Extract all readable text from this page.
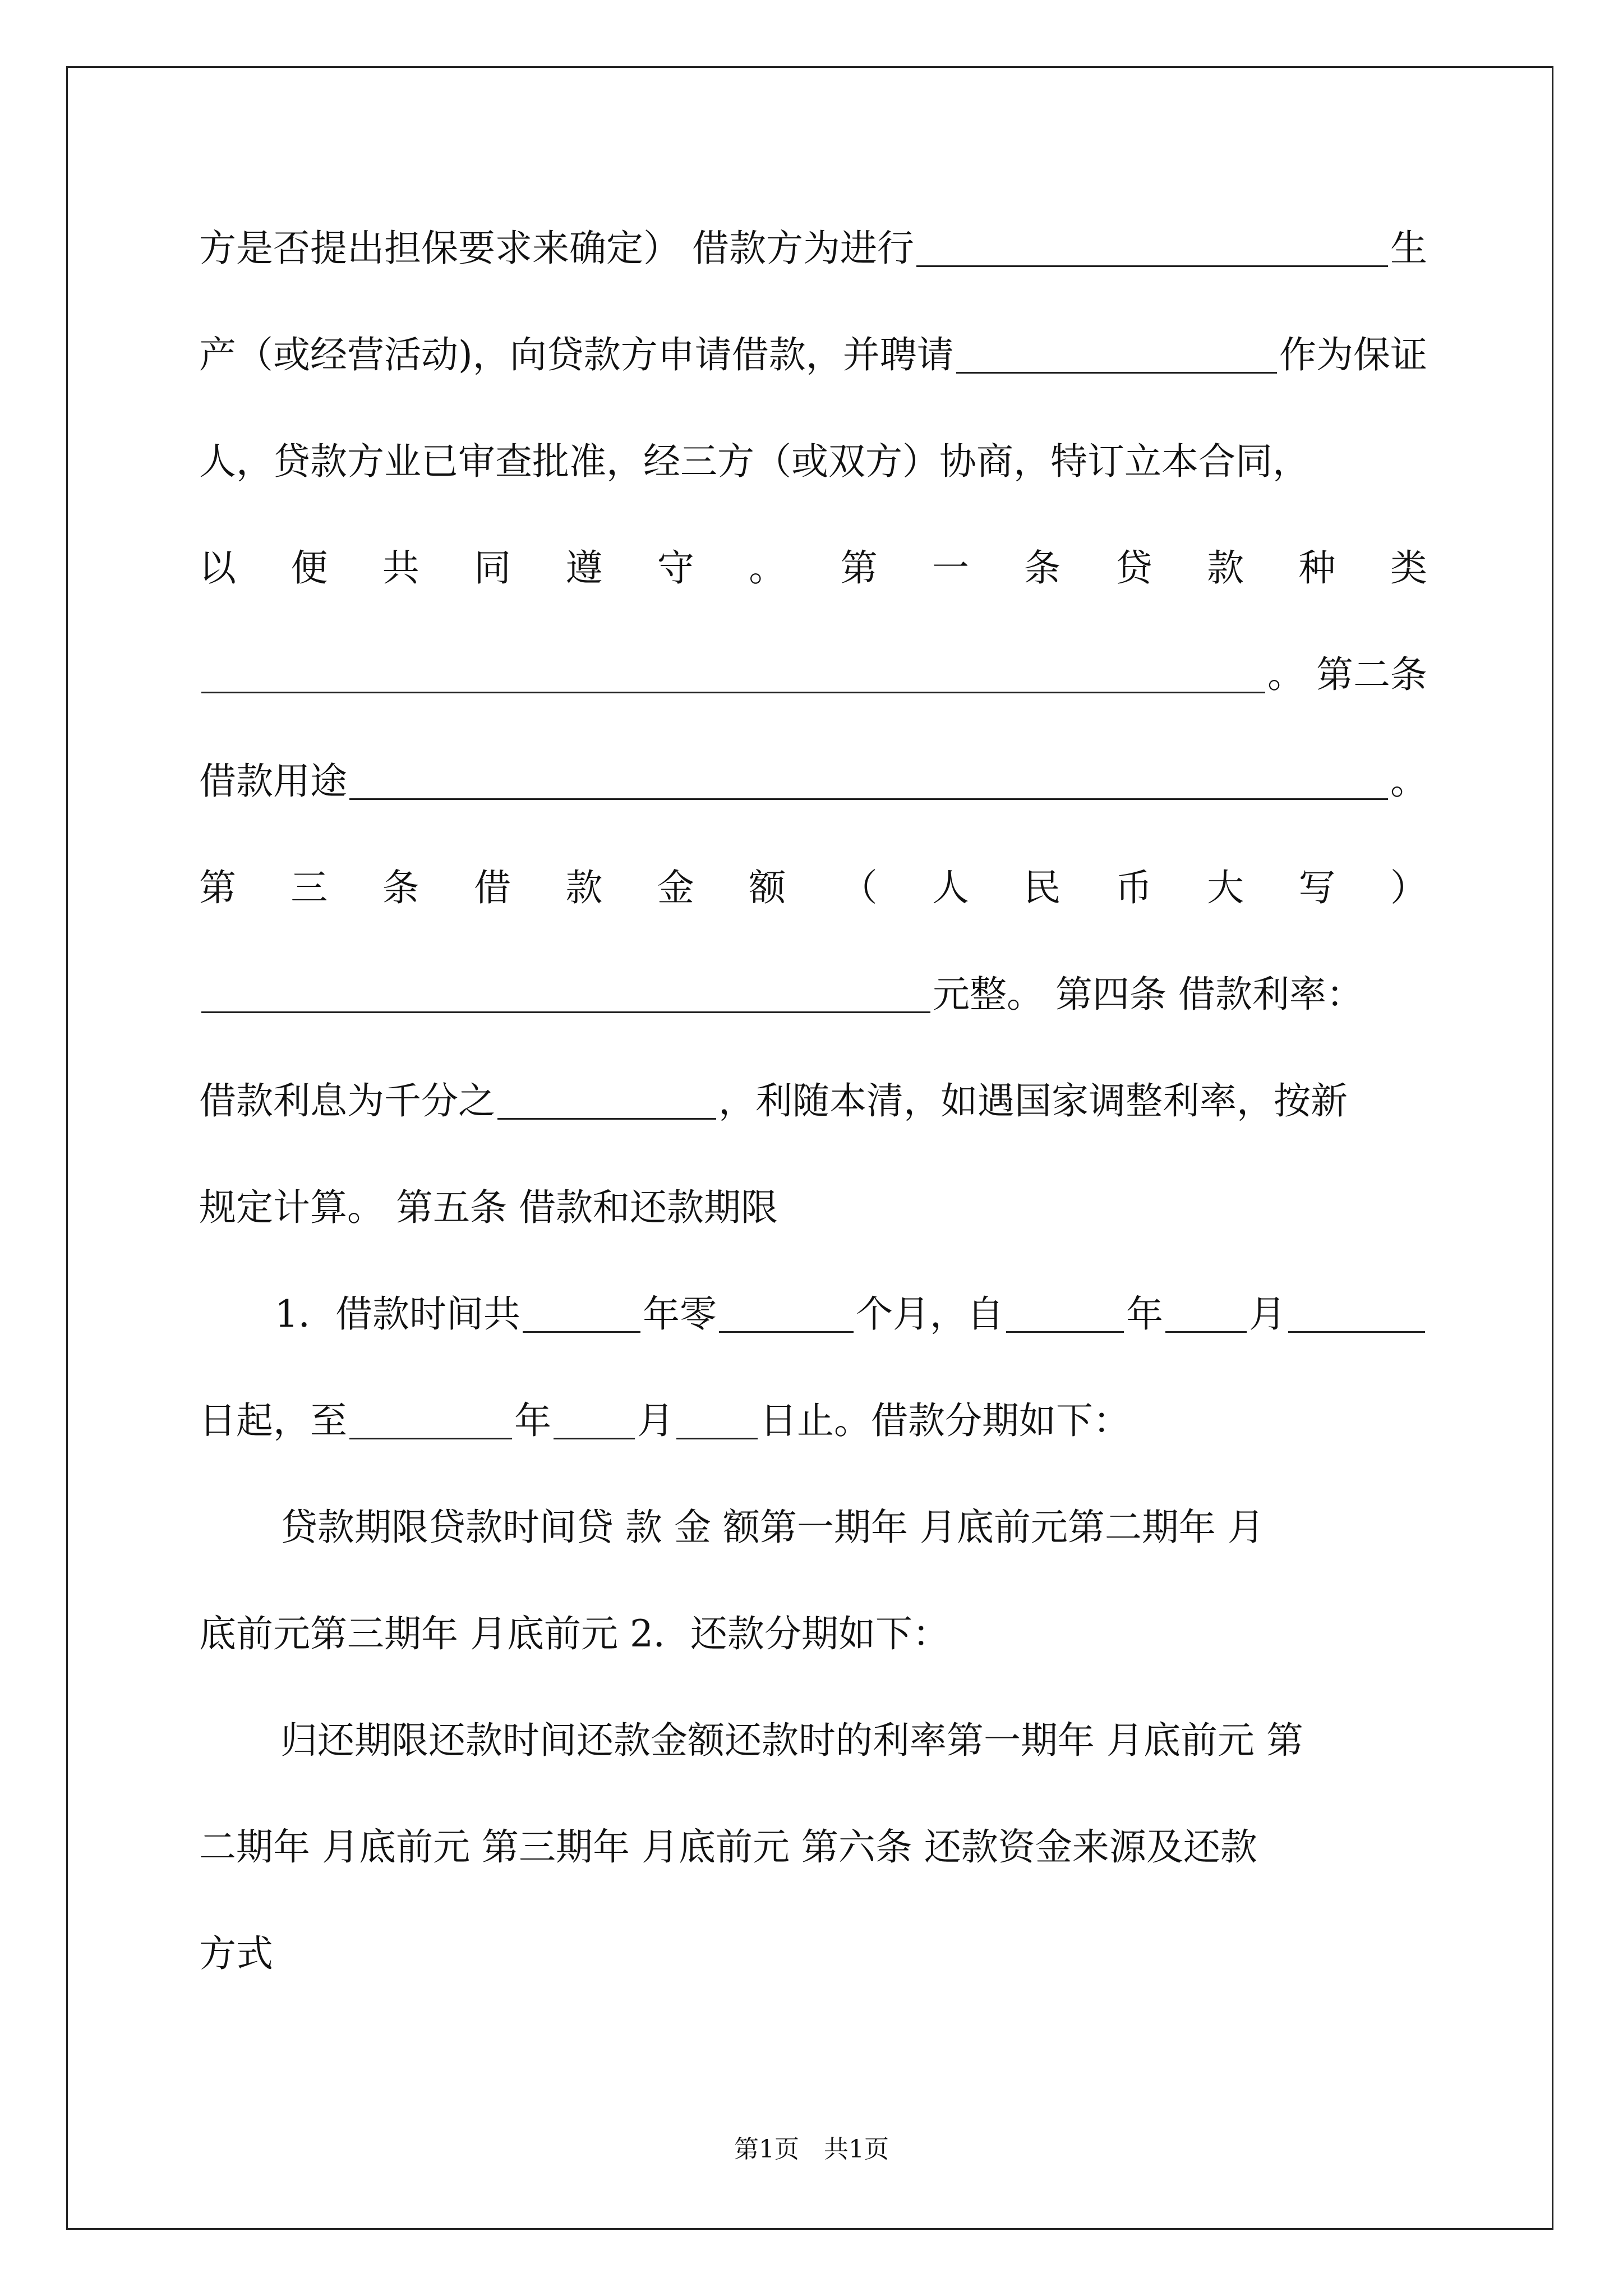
方是否提出担保要求来确定） 借款方为进行	生
产（或经营活动)，向贷款方申请借款，并聘请	作为保证
人，贷款方业已审查批准，经三方（或双方）协商，特订立本合同，
以 便 共 同 遵 守 。 第 一 条 贷 款 种 类
。 第二条
借款用途	。
第 三 条 借 款 金 额 （ 人 民 币 大 写 ）
元整。 第四条 借款利率：
借款利息为千分之	，利随本清，如遇国家调整利率，按新
规定计算。 第五条 借款和还款期限
1．借款时间共	年零	个月，自	年 月
日起，至	年 月 日止。借款分期如下：
贷款期限贷款时间贷 款 金 额第一期年 月底前元第二期年 月
底前元第三期年 月底前元 2．还款分期如下：
归还期限还款时间还款金额还款时的利率第一期年 月底前元 第
二期年 月底前元 第三期年 月底前元 第六条 还款资金来源及还款
方式
第1页　共1页
